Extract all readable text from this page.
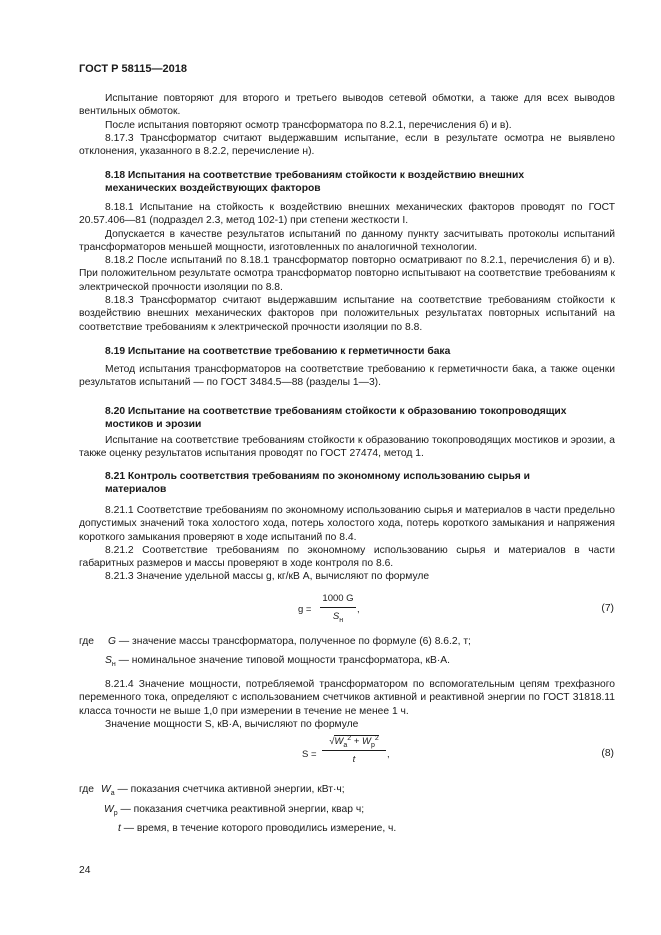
ГОСТ Р 58115—2018

Испытание повторяют для второго и третьего выводов сетевой обмотки, а также для всех выводов вентильных обмоток.

После испытания повторяют осмотр трансформатора по 8.2.1, перечисления б) и в).

8.17.3 Трансформатор считают выдержавшим испытание, если в результате осмотра не выявлено отклонения, указанного в 8.2.2, перечисление н).

8.18 Испытания на соответствие требованиям стойкости к воздействию внешних механических воздействующих факторов

8.18.1 Испытание на стойкость к воздействию внешних механических факторов проводят по ГОСТ 20.57.406—81 (подраздел 2.3, метод 102-1) при степени жесткости I.

Допускается в качестве результатов испытаний по данному пункту засчитывать протоколы испытаний трансформаторов меньшей мощности, изготовленных по аналогичной технологии.

8.18.2 После испытаний по 8.18.1 трансформатор повторно осматривают по 8.2.1, перечисления б) и в). При положительном результате осмотра трансформатор повторно испытывают на соответствие требованиям к электрической прочности изоляции по 8.8.

8.18.3 Трансформатор считают выдержавшим испытание на соответствие требованиям стойкости к воздействию внешних механических факторов при положительных результатах повторных испытаний на соответствие требованиям к электрической прочности изоляции по 8.8.

8.19 Испытание на соответствие требованию к герметичности бака

Метод испытания трансформаторов на соответствие требованию к герметичности бака, а также оценки результатов испытаний — по ГОСТ 3484.5—88 (разделы 1—3).

8.20 Испытание на соответствие требованиям стойкости к образованию токопроводящих мостиков и эрозии

Испытание на соответствие требованиям стойкости к образованию токопроводящих мостиков и эрозии, а также оценку результатов испытания проводят по ГОСТ 27474, метод 1.

8.21 Контроль соответствия требованиям по экономному использованию сырья и материалов

8.21.1 Соответствие требованиям по экономному использованию сырья и материалов в части предельно допустимых значений тока холостого хода, потерь холостого хода, потерь короткого замыкания и напряжения короткого замыкания проверяют в ходе испытаний по 8.4.

8.21.2 Соответствие требованиям по экономному использованию сырья и материалов в части габаритных размеров и массы проверяют в ходе контроля по 8.6.

8.21.3 Значение удельной массы g, кг/кВ А, вычисляют по формуле

g =
1000 G
$S_н$
,	(7)
где G — значение массы трансформатора, полученное по формуле (6) 8.6.2, т;
$S_н$ — номинальное значение типовой мощности трансформатора, кВ·А.

8.21.4 Значение мощности, потребляемой трансформатором по вспомогательным цепям трехфазного переменного тока, определяют с использованием счетчиков активной и реактивной энергии по ГОСТ 31818.11 класса точности не выше 1,0 при измерении в течение не менее 1 ч.

Значение мощности S, кВ·А, вычисляют по формуле

S =
$√W_a^2 + W_р^2$
t	,	(8)
где $W_a$ — показания счетчика активной энергии, кВт·ч;
$W_р$ — показания счетчика реактивной энергии, квар ч;
t — время, в течение которого проводились измерение, ч.
24
